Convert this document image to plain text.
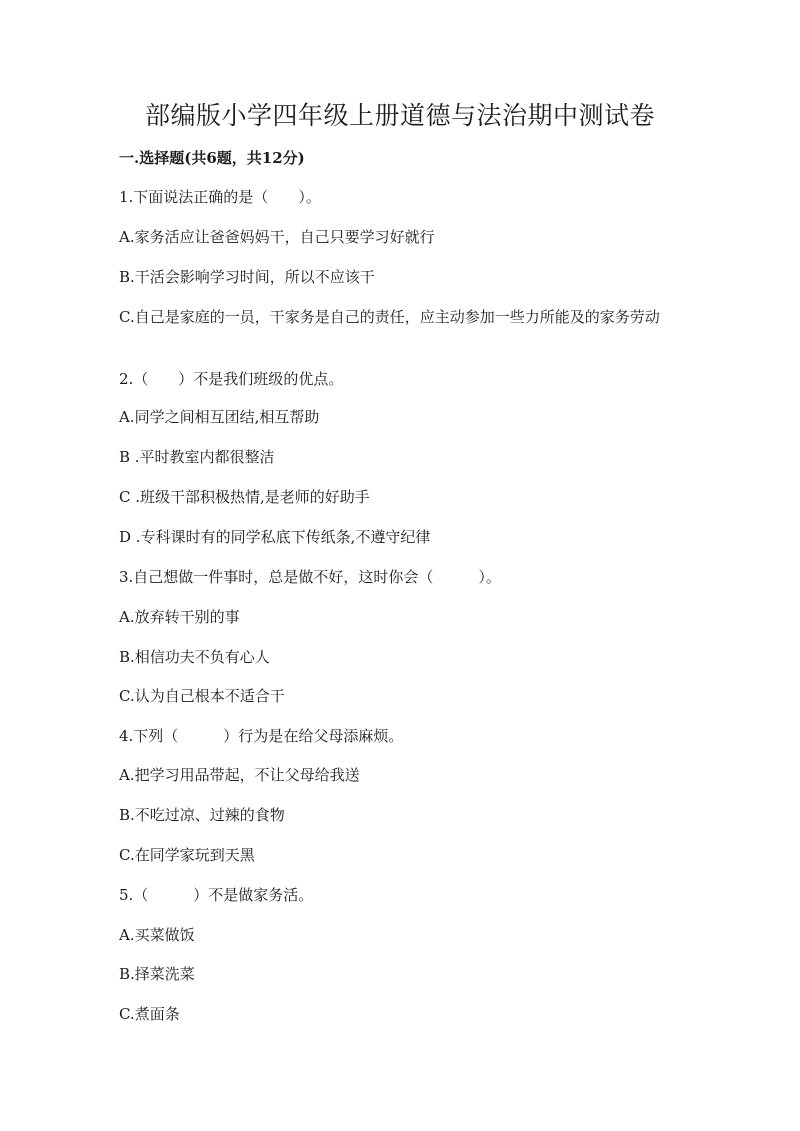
部编版小学四年级上册道德与法治期中测试卷

一.选择题(共6题，共12分)

1.下面说法正确的是（　　）。

A.家务活应让爸爸妈妈干，自己只要学习好就行

B.干活会影响学习时间，所以不应该干

C.自己是家庭的一员，干家务是自己的责任，应主动参加一些力所能及的家务劳动

2.（　　）不是我们班级的优点。

A.同学之间相互团结,相互帮助

B .平时教室内都很整洁

C .班级干部积极热情,是老师的好助手

D .专科课时有的同学私底下传纸条,不遵守纪律

3.自己想做一件事时，总是做不好，这时你会（　　　）。

A.放弃转干别的事

B.相信功夫不负有心人

C.认为自己根本不适合干

4.下列（　　　）行为是在给父母添麻烦。

A.把学习用品带起，不让父母给我送

B.不吃过凉、过辣的食物

C.在同学家玩到天黑

5.（　　　）不是做家务活。

A.买菜做饭

B.择菜洗菜

C.煮面条
